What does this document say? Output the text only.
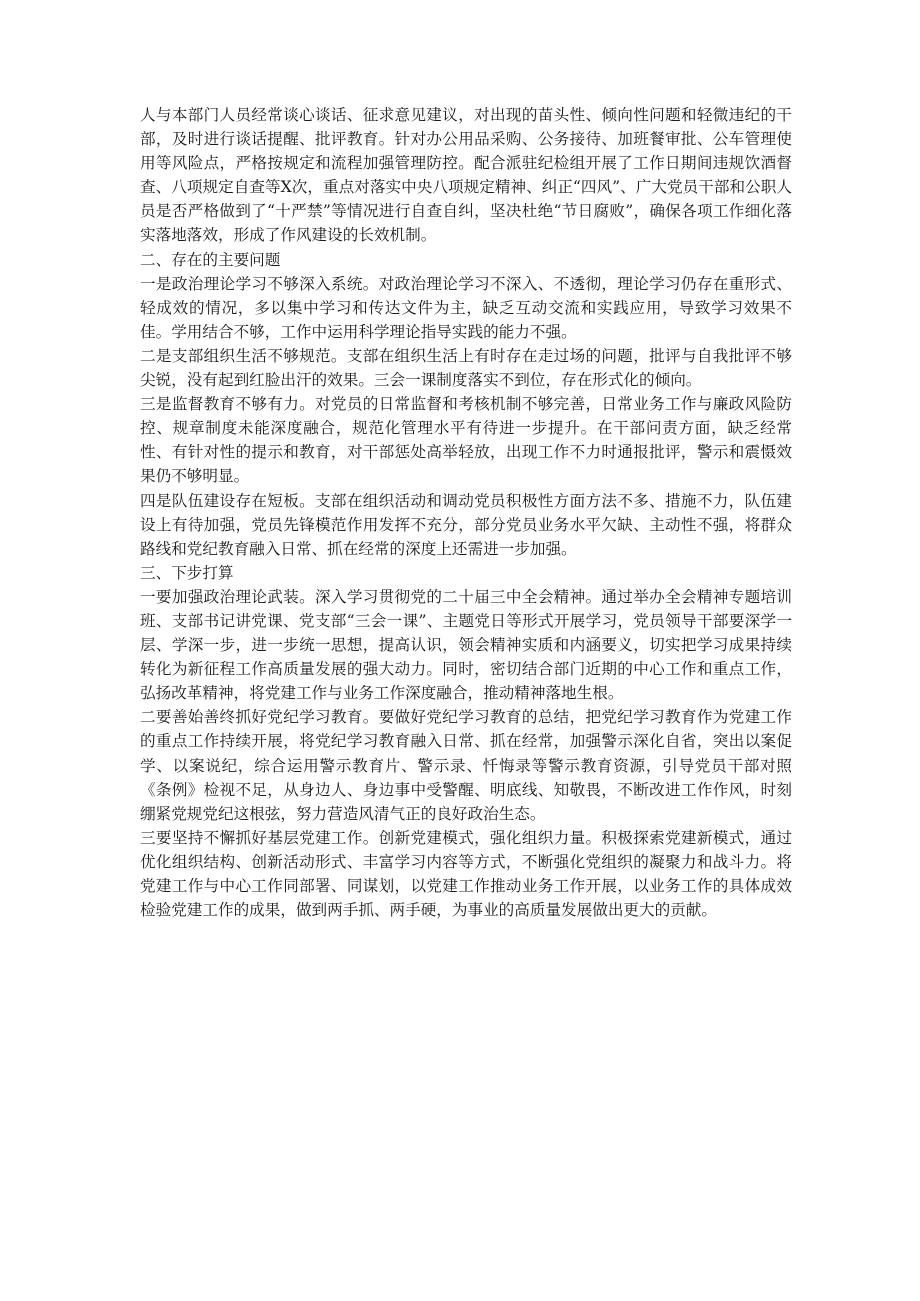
人与本部门人员经常谈心谈话、征求意见建议，对出现的苗头性、倾向性问题和轻微违纪的干部，及时进行谈话提醒、批评教育。针对办公用品采购、公务接待、加班餐审批、公车管理使用等风险点，严格按规定和流程加强管理防控。配合派驻纪检组开展了工作日期间违规饮酒督查、八项规定自查等X次，重点对落实中央八项规定精神、纠正“四风”、广大党员干部和公职人员是否严格做到了“十严禁”等情况进行自查自纠，坚决杜绝“节日腐败”，确保各项工作细化落实落地落效，形成了作风建设的长效机制。

二、存在的主要问题

一是政治理论学习不够深入系统。对政治理论学习不深入、不透彻，理论学习仍存在重形式、轻成效的情况，多以集中学习和传达文件为主，缺乏互动交流和实践应用，导致学习效果不佳。学用结合不够，工作中运用科学理论指导实践的能力不强。

二是支部组织生活不够规范。支部在组织生活上有时存在走过场的问题，批评与自我批评不够尖锐，没有起到红脸出汗的效果。三会一课制度落实不到位，存在形式化的倾向。

三是监督教育不够有力。对党员的日常监督和考核机制不够完善，日常业务工作与廉政风险防控、规章制度未能深度融合，规范化管理水平有待进一步提升。在干部问责方面，缺乏经常性、有针对性的提示和教育，对干部惩处高举轻放，出现工作不力时通报批评，警示和震慑效果仍不够明显。

四是队伍建设存在短板。支部在组织活动和调动党员积极性方面方法不多、措施不力，队伍建设上有待加强，党员先锋模范作用发挥不充分，部分党员业务水平欠缺、主动性不强，将群众路线和党纪教育融入日常、抓在经常的深度上还需进一步加强。

三、下步打算

一要加强政治理论武装。深入学习贯彻党的二十届三中全会精神。通过举办全会精神专题培训班、支部书记讲党课、党支部“三会一课”、主题党日等形式开展学习，党员领导干部要深学一层、学深一步，进一步统一思想，提高认识，领会精神实质和内涵要义，切实把学习成果持续转化为新征程工作高质量发展的强大动力。同时，密切结合部门近期的中心工作和重点工作，弘扬改革精神，将党建工作与业务工作深度融合，推动精神落地生根。

二要善始善终抓好党纪学习教育。要做好党纪学习教育的总结，把党纪学习教育作为党建工作的重点工作持续开展，将党纪学习教育融入日常、抓在经常，加强警示深化自省，突出以案促学、以案说纪，综合运用警示教育片、警示录、忏悔录等警示教育资源，引导党员干部对照《条例》检视不足，从身边人、身边事中受警醒、明底线、知敬畏，不断改进工作作风，时刻绷紧党规党纪这根弦，努力营造风清气正的良好政治生态。

三要坚持不懈抓好基层党建工作。创新党建模式，强化组织力量。积极探索党建新模式，通过优化组织结构、创新活动形式、丰富学习内容等方式，不断强化党组织的凝聚力和战斗力。将党建工作与中心工作同部署、同谋划，以党建工作推动业务工作开展，以业务工作的具体成效检验党建工作的成果，做到两手抓、两手硬，为事业的高质量发展做出更大的贡献。
